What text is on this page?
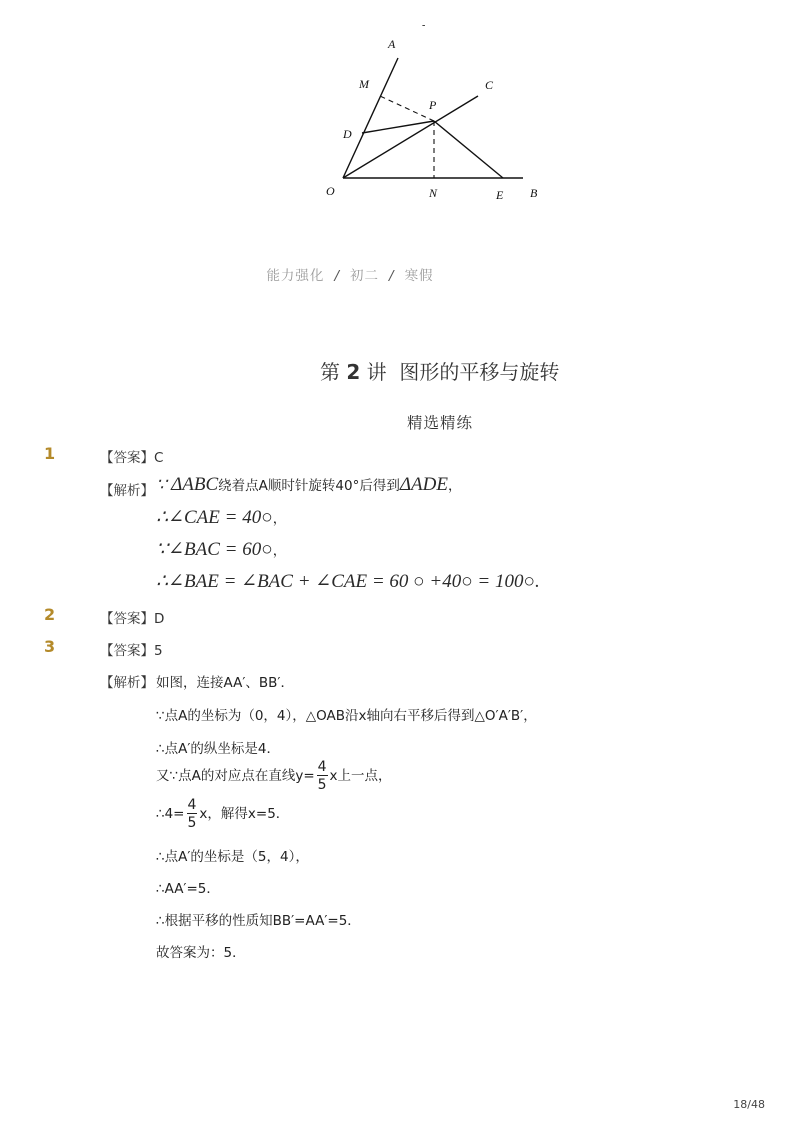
-
A
C
M
P
D
O	N	E B
能力强化 / 初二 / 寒假
第 2 讲 图形的平移与旋转
精选精练
1	【答案】C
【解析】 ∵ ΔABC绕着点A顺时针旋转40°后得到ΔADE，
∴∠CAE = 40○，
∵∠BAC = 60○，
∴∠BAE = ∠BAC + ∠CAE = 60 ○ +40○ = 100○.
2	【答案】D
3	【答案】5
【解析】 如图，连接AA′、BB′．
∵点A的坐标为（0，4），△OAB沿x轴向右平移后得到△O′A′B′，
∴点A′的纵坐标是4．
又∵点A的对应点在直线$y= \frac{4}{5}$ x上一点，
∴4= $\frac{4}{5}$ x，解得x=5．
∴点A′的坐标是（5，4），
∴AA′=5．
∴根据平移的性质知BB′=AA′=5．
故答案为：5．
18/48
